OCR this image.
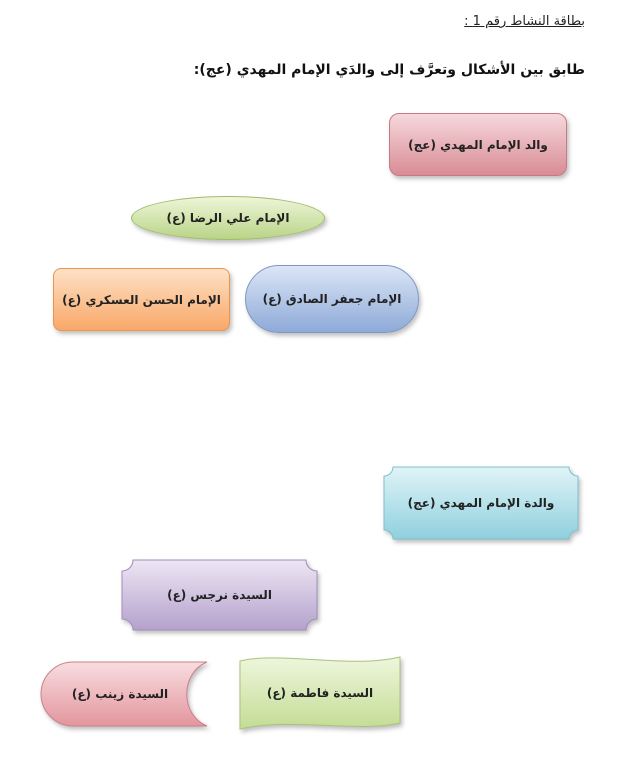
بطاقة النشاط رقم 1 :
طابق بين الأشكال وتعرَّف إلى والدَي الإمام المهدي (عج):
والد الإمام المهدي (عج)
الإمام علي الرضا (ع)
الإمام الحسن العسكري (ع)	الإمام جعفر الصادق (ع)
والدة الإمام المهدي (عج)
السيدة نرجس (ع)
السيدة زينب (ع)	السيدة فاطمة (ع)
